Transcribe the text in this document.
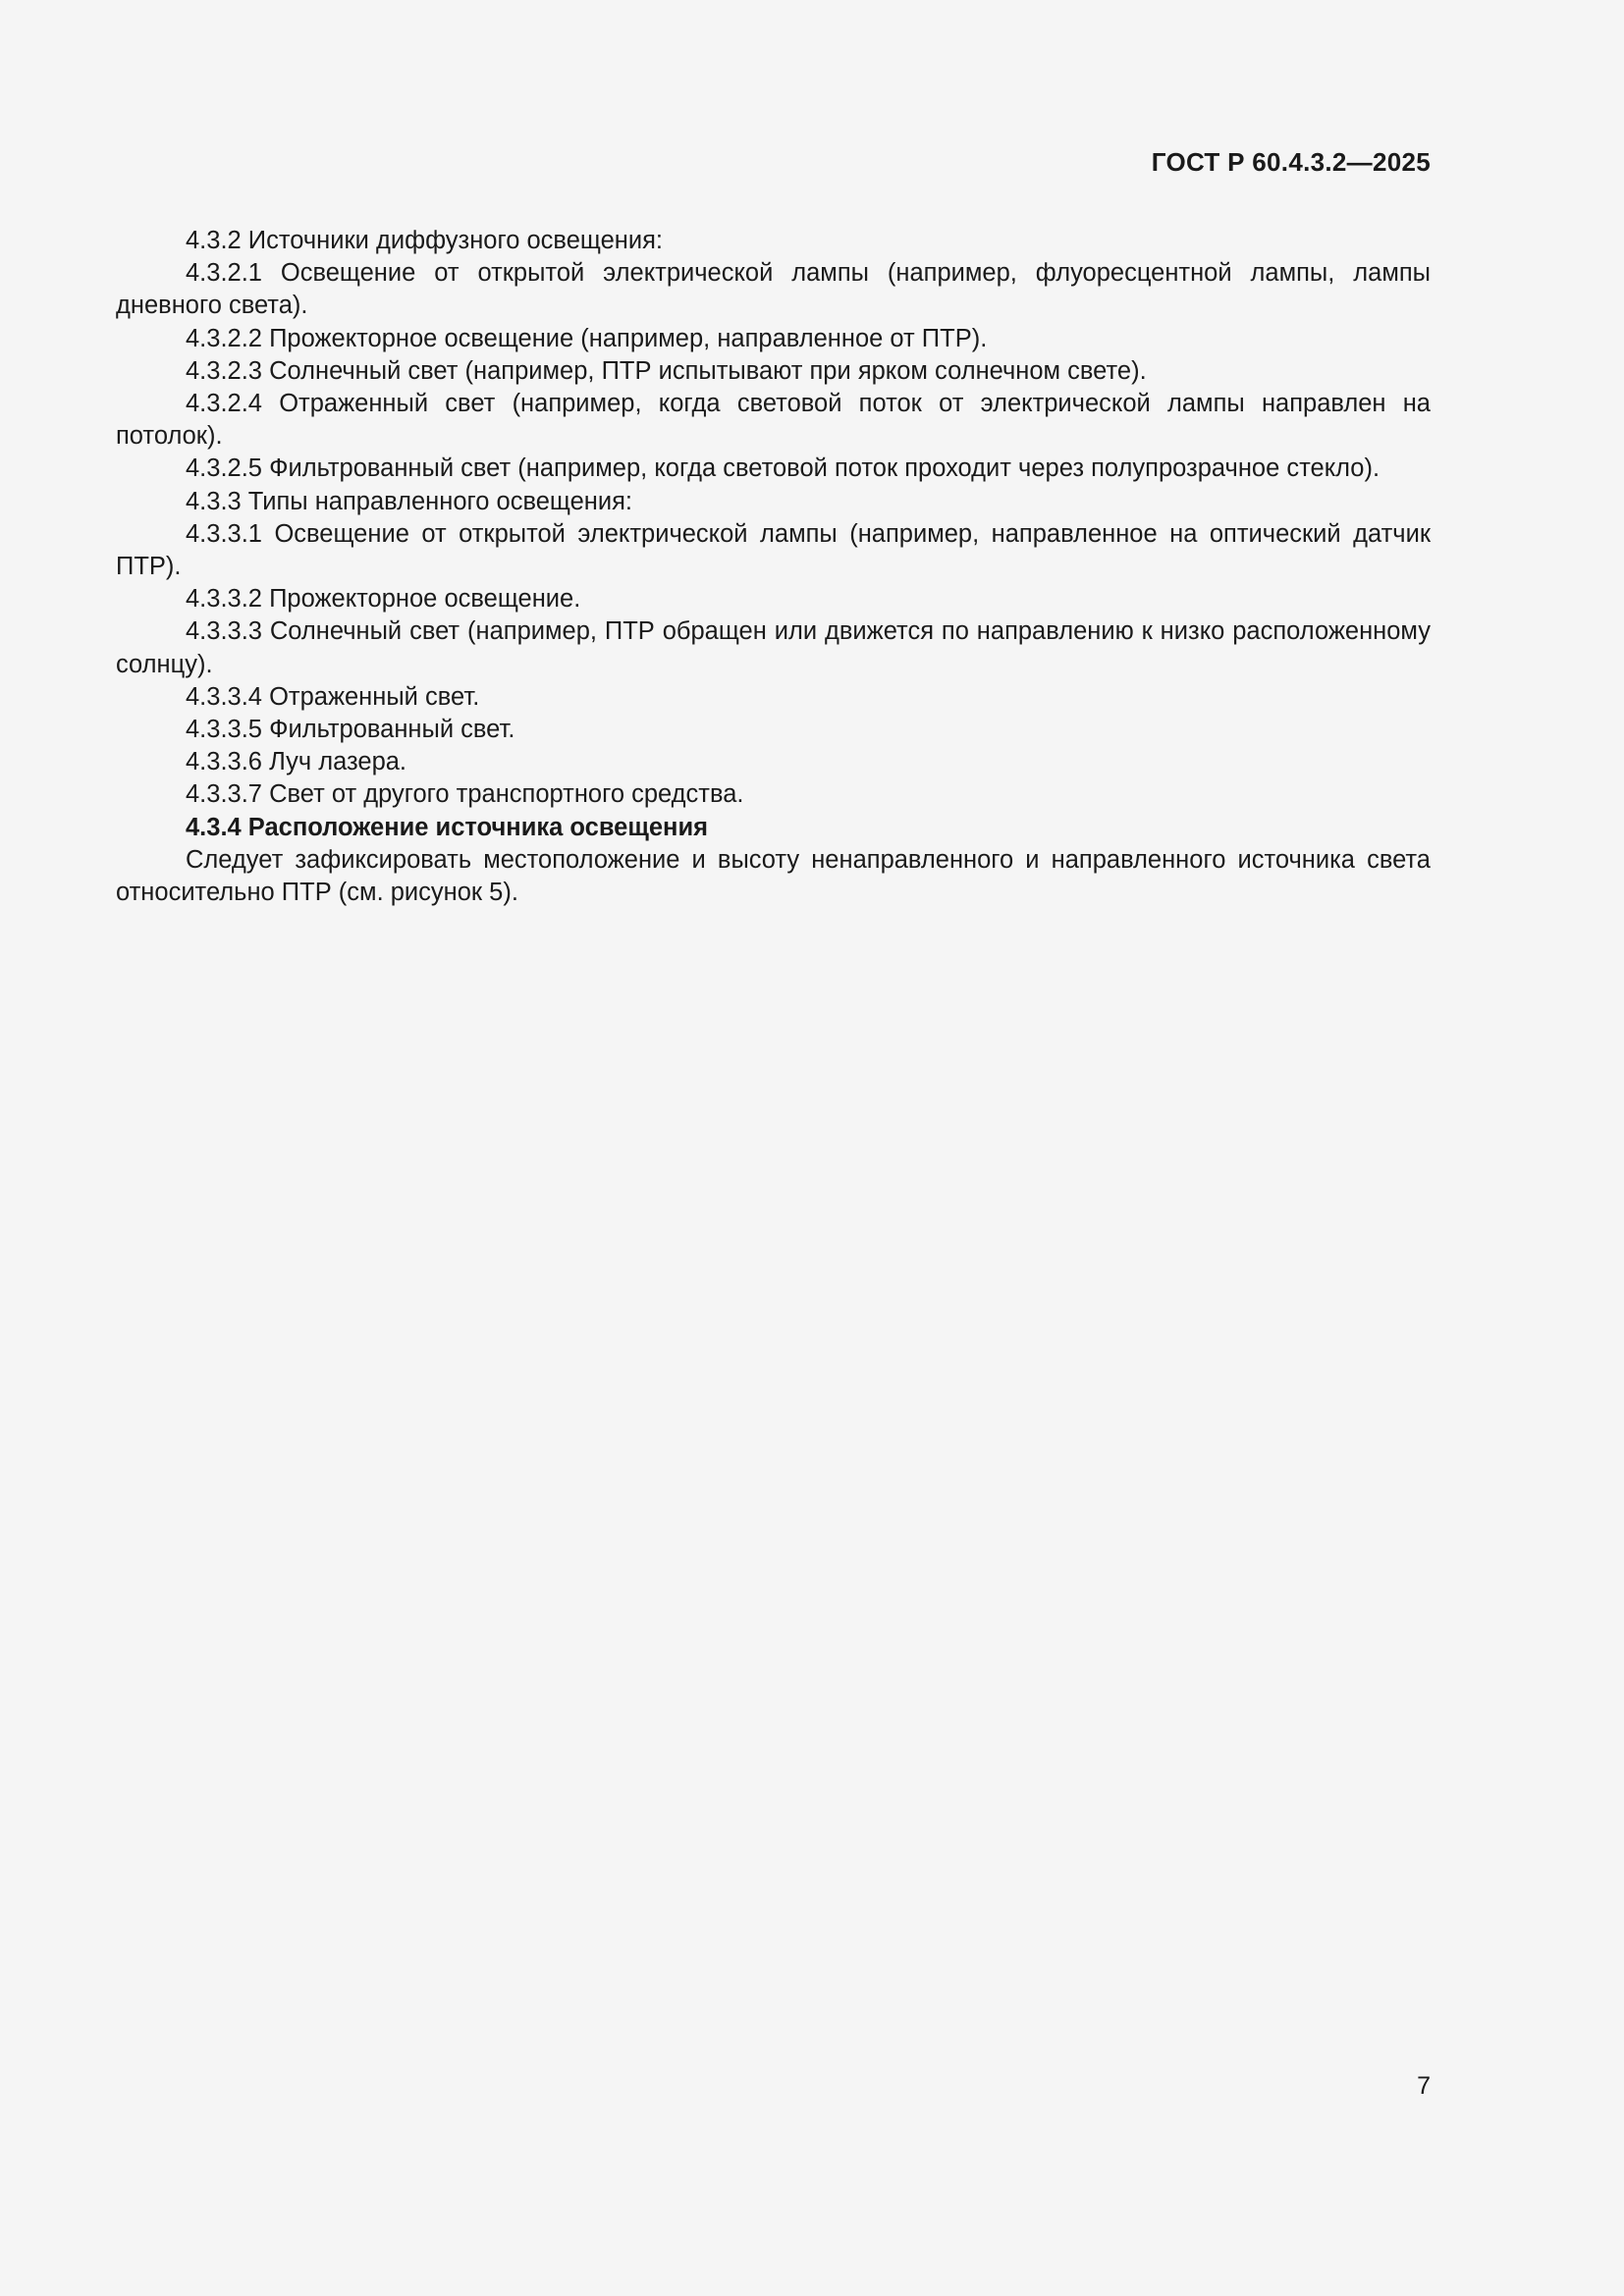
ГОСТ Р 60.4.3.2—2025

4.3.2 Источники диффузного освещения:

4.3.2.1 Освещение от открытой электрической лампы (например, флуоресцентной лампы, лампы дневного света).

4.3.2.2 Прожекторное освещение (например, направленное от ПТР).

4.3.2.3 Солнечный свет (например, ПТР испытывают при ярком солнечном свете).

4.3.2.4 Отраженный свет (например, когда световой поток от электрической лампы направлен на потолок).

4.3.2.5 Фильтрованный свет (например, когда световой поток проходит через полупрозрачное стекло).

4.3.3 Типы направленного освещения:

4.3.3.1 Освещение от открытой электрической лампы (например, направленное на оптический датчик ПТР).

4.3.3.2 Прожекторное освещение.

4.3.3.3 Солнечный свет (например, ПТР обращен или движется по направлению к низко расположенному солнцу).

4.3.3.4 Отраженный свет.

4.3.3.5 Фильтрованный свет.

4.3.3.6 Луч лазера.

4.3.3.7 Свет от другого транспортного средства.

4.3.4 Расположение источника освещения

Следует зафиксировать местоположение и высоту ненаправленного и направленного источника света относительно ПТР (см. рисунок 5).

7
